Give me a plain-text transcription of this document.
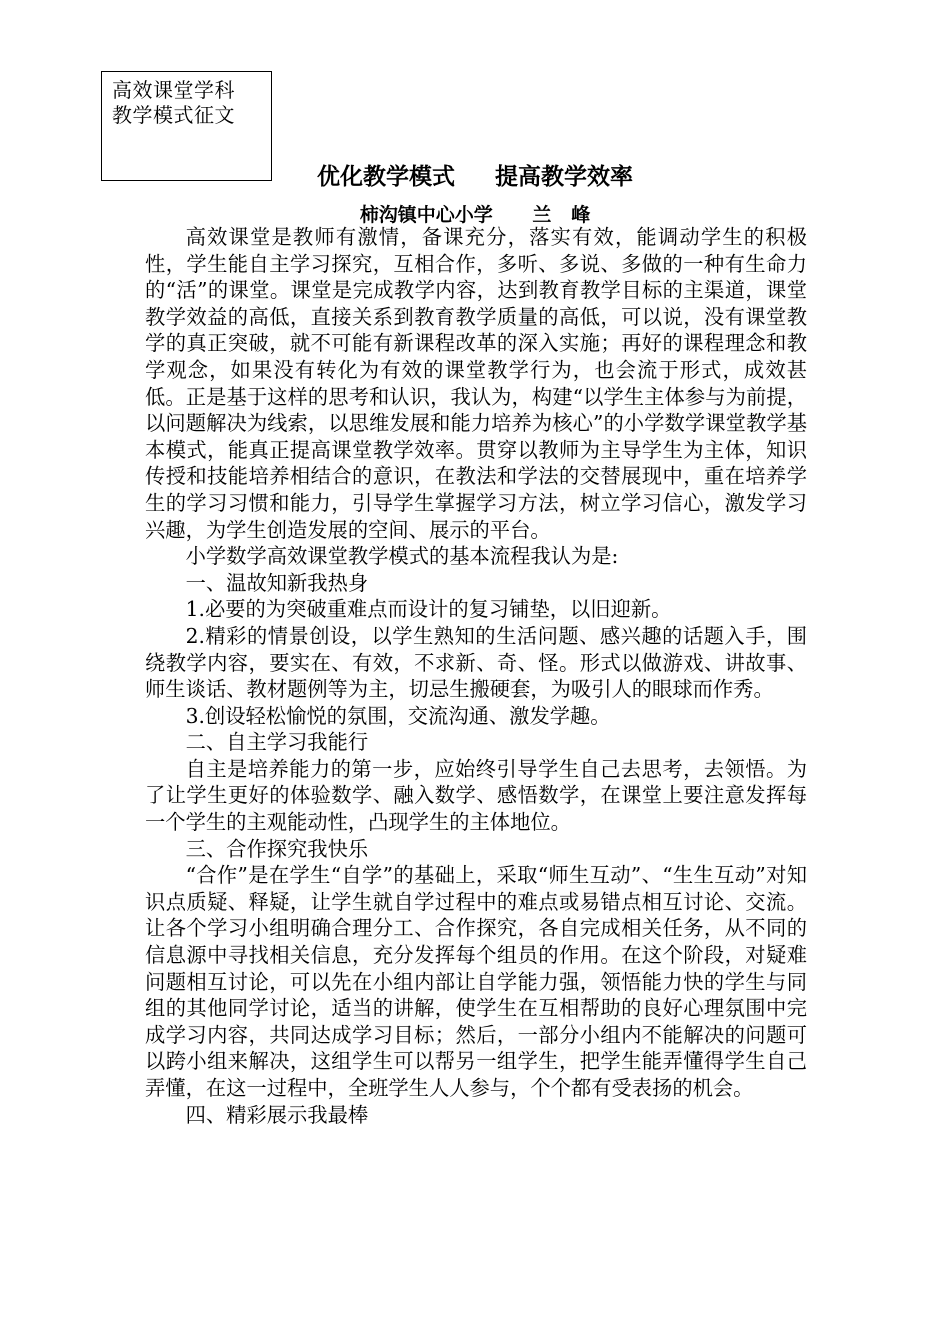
高效课堂学科
教学模式征文
优化教学模式     提高教学效率
柿沟镇中心小学      兰   峰

高效课堂是教师有激情，备课充分，落实有效，能调动学生的积极性，学生能自主学习探究，互相合作，多听、多说、多做的一种有生命力的“活”的课堂。课堂是完成教学内容，达到教育教学目标的主渠道，课堂教学效益的高低，直接关系到教育教学质量的高低，可以说，没有课堂教学的真正突破，就不可能有新课程改革的深入实施；再好的课程理念和教学观念，如果没有转化为有效的课堂教学行为，也会流于形式，成效甚低。正是基于这样的思考和认识，我认为，构建“以学生主体参与为前提，以问题解决为线索，以思维发展和能力培养为核心”的小学数学课堂教学基本模式，能真正提高课堂教学效率。贯穿以教师为主导学生为主体，知识传授和技能培养相结合的意识，在教法和学法的交替展现中，重在培养学生的学习习惯和能力，引导学生掌握学习方法，树立学习信心，激发学习兴趣，为学生创造发展的空间、展示的平台。

小学数学高效课堂教学模式的基本流程我认为是:

一、温故知新我热身

1.必要的为突破重难点而设计的复习铺垫，以旧迎新。

2.精彩的情景创设，以学生熟知的生活问题、感兴趣的话题入手，围绕教学内容，要实在、有效，不求新、奇、怪。形式以做游戏、讲故事、师生谈话、教材题例等为主，切忌生搬硬套，为吸引人的眼球而作秀。

3.创设轻松愉悦的氛围，交流沟通、激发学趣。

二、自主学习我能行

自主是培养能力的第一步，应始终引导学生自己去思考，去领悟。为了让学生更好的体验数学、融入数学、感悟数学，在课堂上要注意发挥每一个学生的主观能动性，凸现学生的主体地位。

三、合作探究我快乐

“合作”是在学生“自学”的基础上，采取“师生互动”、“生生互动”对知识点质疑、释疑，让学生就自学过程中的难点或易错点相互讨论、交流。让各个学习小组明确合理分工、合作探究，各自完成相关任务，从不同的信息源中寻找相关信息，充分发挥每个组员的作用。在这个阶段，对疑难问题相互讨论，可以先在小组内部让自学能力强，领悟能力快的学生与同组的其他同学讨论，适当的讲解，使学生在互相帮助的良好心理氛围中完成学习内容，共同达成学习目标；然后，一部分小组内不能解决的问题可以跨小组来解决，这组学生可以帮另一组学生，把学生能弄懂得学生自己弄懂，在这一过程中，全班学生人人参与，个个都有受表扬的机会。

四、精彩展示我最棒
